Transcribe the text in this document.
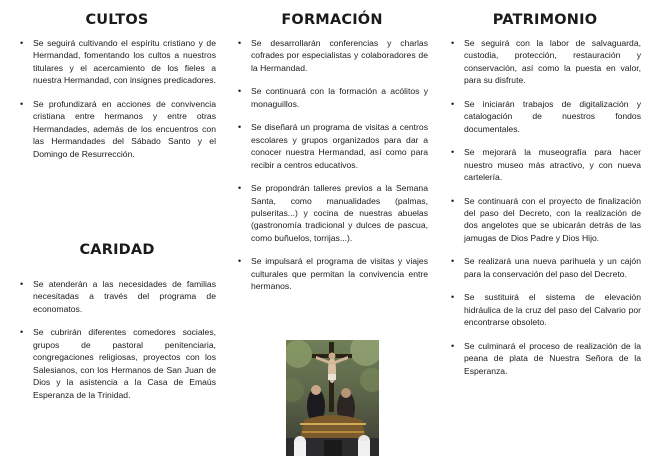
CULTOS
• Se seguirá cultivando el espíritu cristiano y de Hermandad, fomentando los cultos a nuestros titulares y el acercamiento de los fieles a nuestra Hermandad, con insignes predicadores.
• Se profundizará en acciones de convivencia cristiana entre hermanos y entre otras Hermandades, además de los encuentros con las Hermandades del Sábado Santo y el Domingo de Resurrección.
CARIDAD
• Se atenderán a las necesidades de familias necesitadas a través del programa de economatos.
• Se cubrirán diferentes comedores sociales, grupos de pastoral penitenciaria, congregaciones religiosas, proyectos con los Salesianos, con los Hermanos de San Juan de Dios y la asistencia a la Casa de Emaús Esperanza de la Trinidad.
FORMACIÓN
• Se desarrollarán conferencias y charlas cofrades por especialistas y colaboradores de la Hermandad.
• Se continuará con la formación a acólitos y monaguillos.
• Se diseñará un programa de visitas a centros escolares y grupos organizados para dar a conocer nuestra Hermandad, así como para recibir a centros educativos.
• Se propondrán talleres previos a la Semana Santa, como manualidades (palmas, pulseritas...) y cocina de nuestras abuelas (gastronomía tradicional y dulces de pascua, como buñuelos, torrijas...).
• Se impulsará el programa de visitas y viajes culturales que permitan la convivencia entre hermanos.
PATRIMONIO
• Se seguirá con la labor de salvaguarda, custodia, protección, restauración y conservación, así como la puesta en valor, para su disfrute.
• Se iniciarán trabajos de digitalización y catalogación de nuestros fondos documentales.
• Se mejorará la museografía para hacer nuestro museo más atractivo, y con nueva cartelería.
• Se continuará con el proyecto de finalización del paso del Decreto, con la realización de dos angelotes que se ubicarán detrás de las jamugas de Dios Padre y Dios Hijo.
• Se realizará una nueva parihuela y un cajón para la conservación del paso del Decreto.
• Se sustituirá el sistema de elevación hidráulica de la cruz del paso del Calvario por encontrarse obsoleto.
• Se culminará el proceso de realización de la peana de plata de Nuestra Señora de la Esperanza.
